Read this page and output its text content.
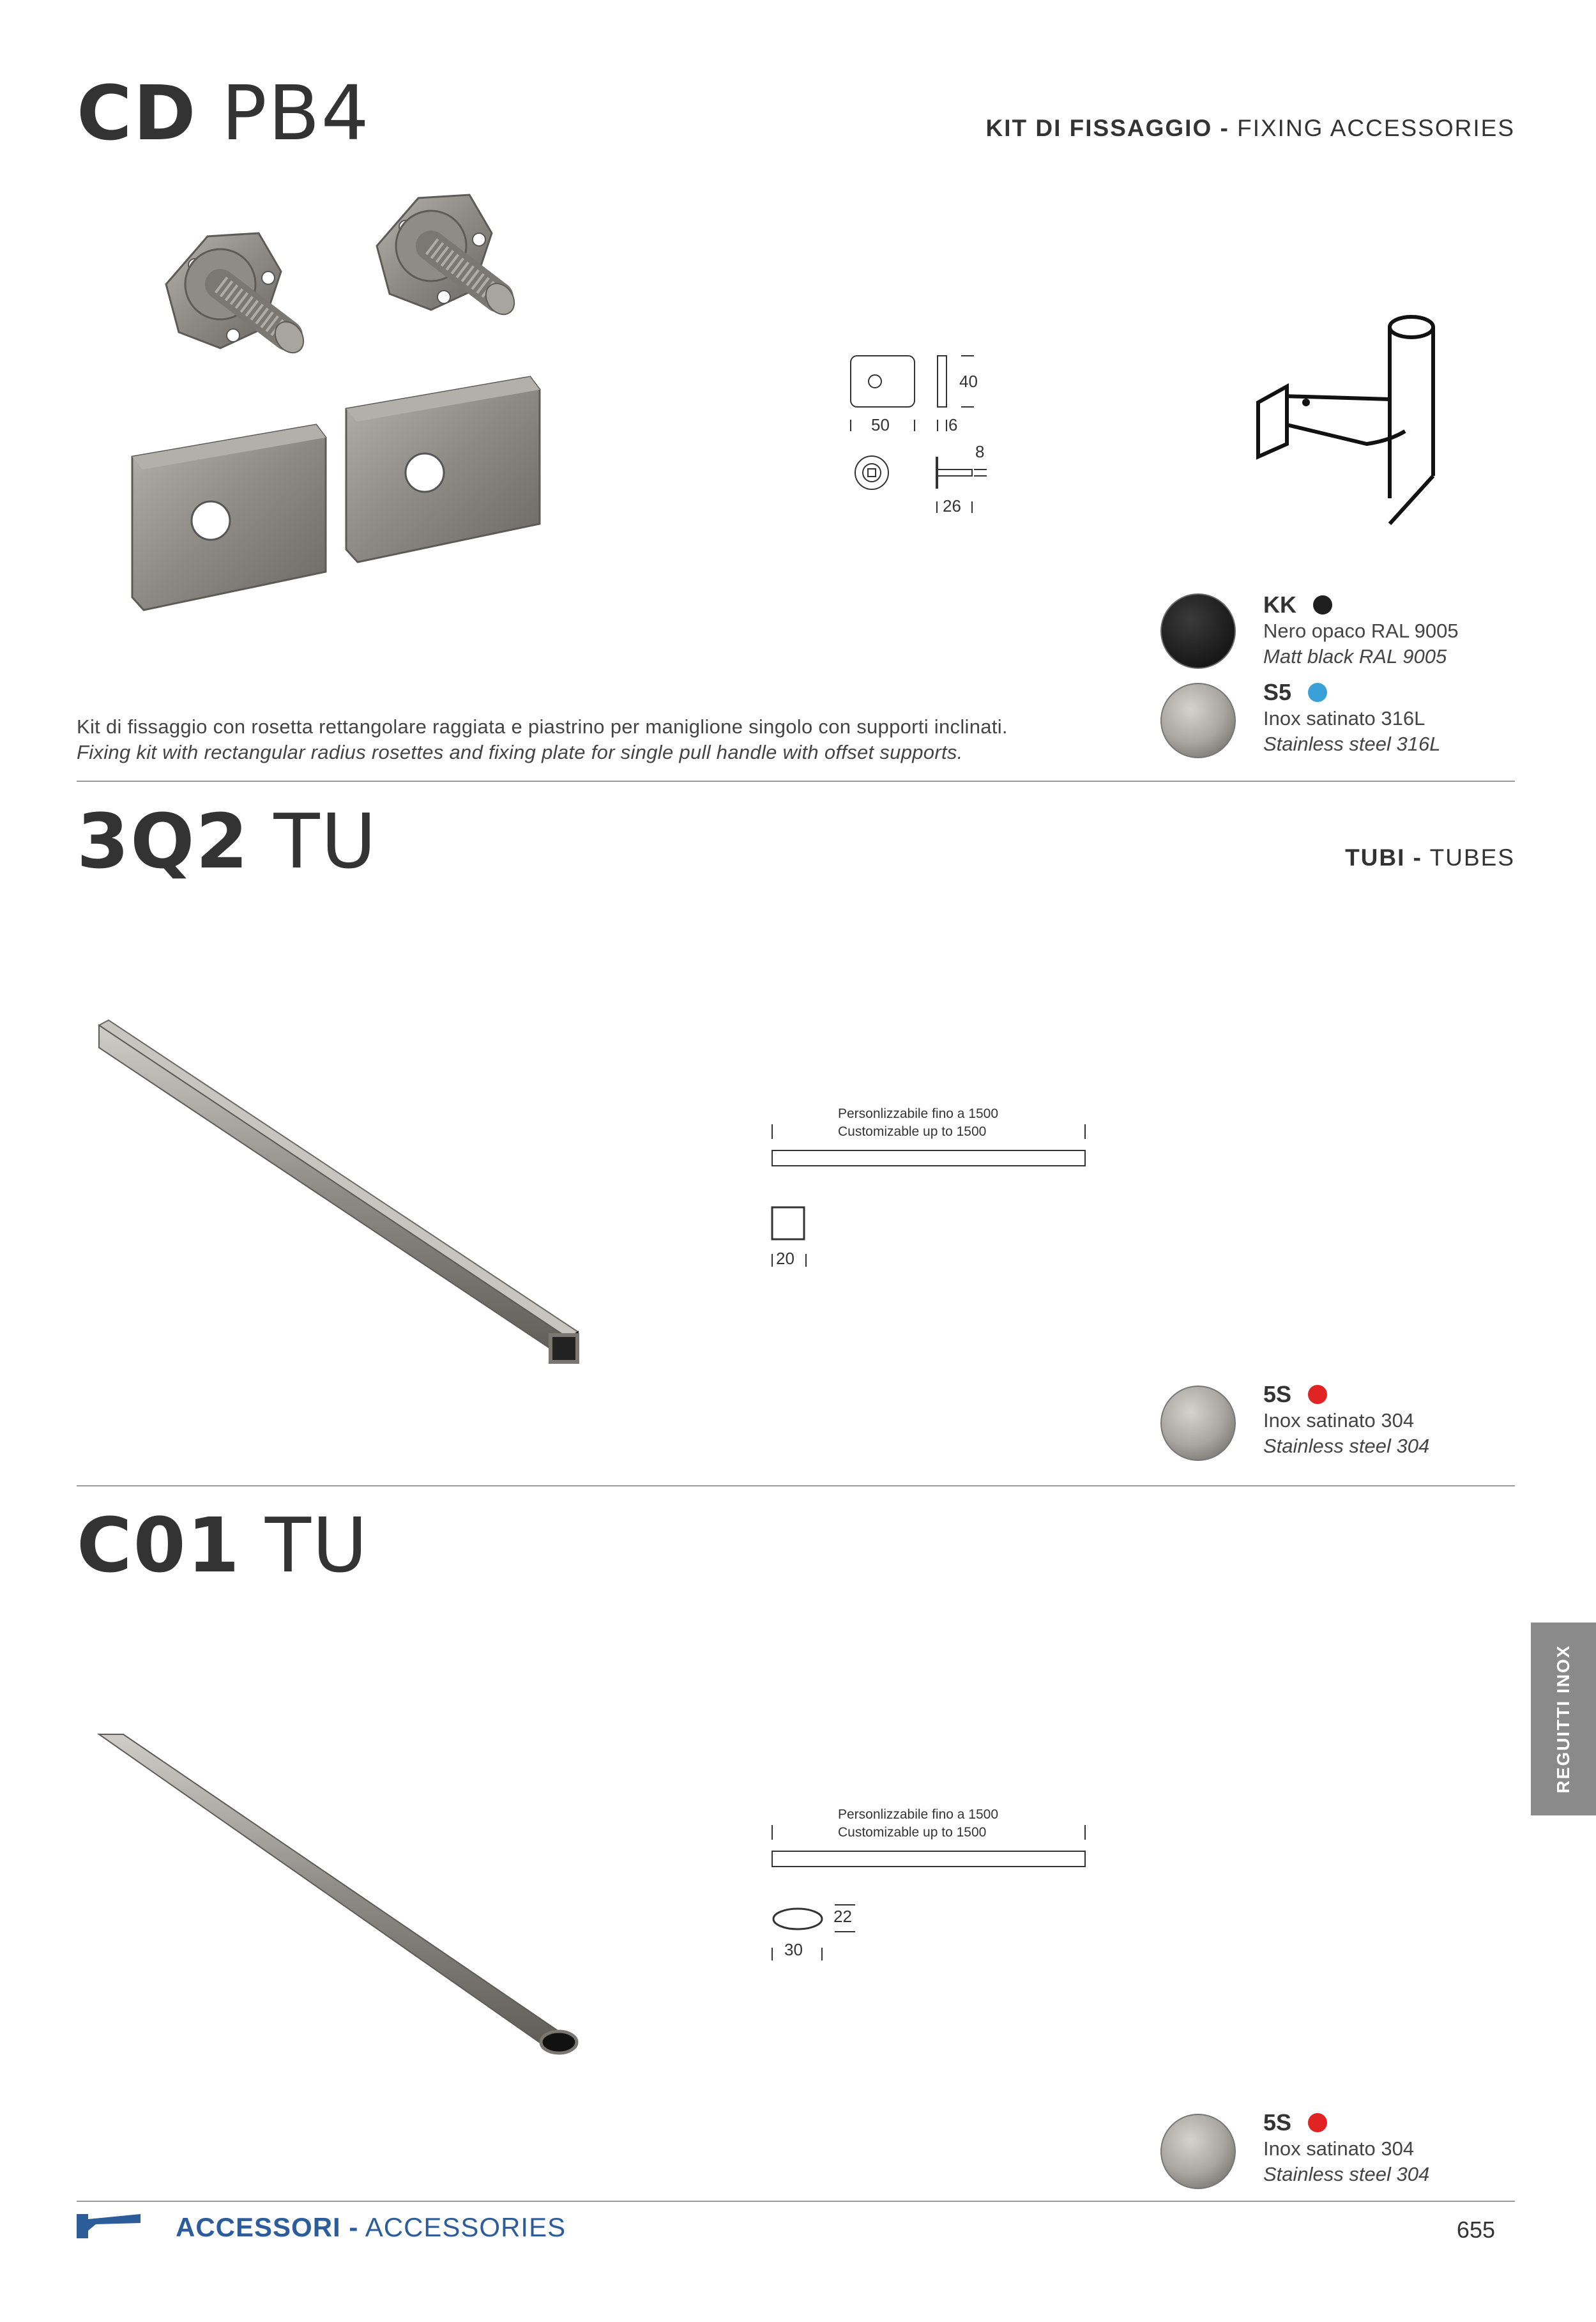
CD PB4	KIT DI FISSAGGIO - FIXING ACCESSORIES
50	6
40
8
26
KK
Nero opaco RAL 9005
Matt black RAL 9005
S5
Inox satinato 316L
Stainless steel 316L
Kit di fissaggio con rosetta rettangolare raggiata e piastrino per maniglione singolo con supporti inclinati.
Fixing kit with rectangular radius rosettes and fixing plate for single pull handle with offset supports.
3Q2 TU	TUBI - TUBES
Personlizzabile fino a 1500
Customizable up to 1500
20
5S
Inox satinato 304
Stainless steel 304
C01 TU
Personlizzabile fino a 1500
Customizable up to 1500
22
30
5S
Inox satinato 304
Stainless steel 304
REGUITTI INOX
ACCESSORI - ACCESSORIES	655
